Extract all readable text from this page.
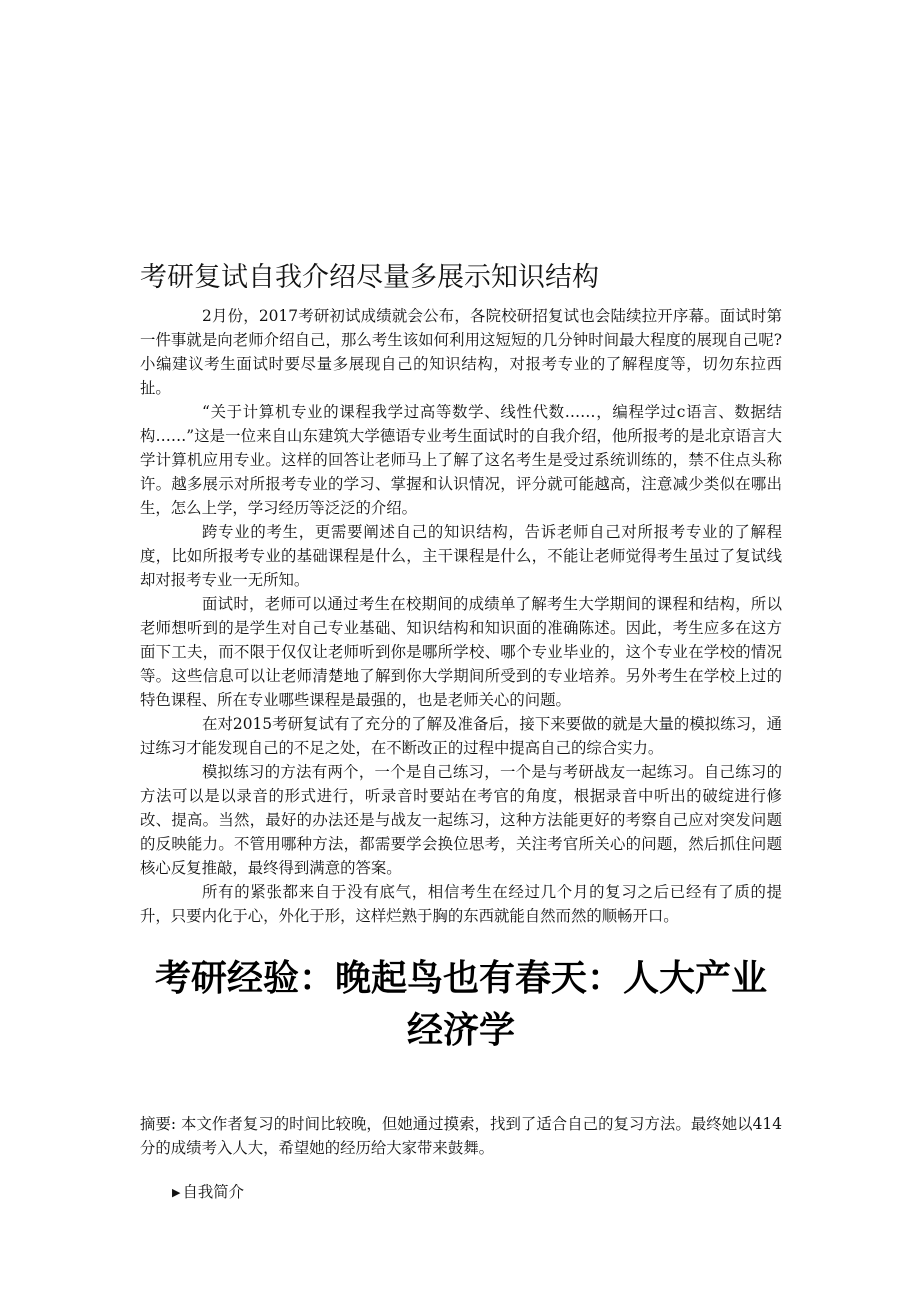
考研复试自我介绍尽量多展示知识结构

2月份，2017考研初试成绩就会公布，各院校研招复试也会陆续拉开序幕。面试时第一件事就是向老师介绍自己，那么考生该如何利用这短短的几分钟时间最大程度的展现自己呢?小编建议考生面试时要尽量多展现自己的知识结构，对报考专业的了解程度等，切勿东拉西扯。

“关于计算机专业的课程我学过高等数学、线性代数……，编程学过c语言、数据结构……”这是一位来自山东建筑大学德语专业考生面试时的自我介绍，他所报考的是北京语言大学计算机应用专业。这样的回答让老师马上了解了这名考生是受过系统训练的，禁不住点头称许。越多展示对所报考专业的学习、掌握和认识情况，评分就可能越高，注意减少类似在哪出生，怎么上学，学习经历等泛泛的介绍。

跨专业的考生，更需要阐述自己的知识结构，告诉老师自己对所报考专业的了解程度，比如所报考专业的基础课程是什么，主干课程是什么，不能让老师觉得考生虽过了复试线却对报考专业一无所知。

面试时，老师可以通过考生在校期间的成绩单了解考生大学期间的课程和结构，所以老师想听到的是学生对自己专业基础、知识结构和知识面的准确陈述。因此，考生应多在这方面下工夫，而不限于仅仅让老师听到你是哪所学校、哪个专业毕业的，这个专业在学校的情况等。这些信息可以让老师清楚地了解到你大学期间所受到的专业培养。另外考生在学校上过的特色课程、所在专业哪些课程是最强的，也是老师关心的问题。

在对2015考研复试有了充分的了解及准备后，接下来要做的就是大量的模拟练习，通过练习才能发现自己的不足之处，在不断改正的过程中提高自己的综合实力。

模拟练习的方法有两个，一个是自己练习，一个是与考研战友一起练习。自己练习的方法可以是以录音的形式进行，听录音时要站在考官的角度，根据录音中听出的破绽进行修改、提高。当然，最好的办法还是与战友一起练习，这种方法能更好的考察自己应对突发问题的反映能力。不管用哪种方法，都需要学会换位思考，关注考官所关心的问题，然后抓住问题核心反复推敲，最终得到满意的答案。

所有的紧张都来自于没有底气，相信考生在经过几个月的复习之后已经有了质的提升，只要内化于心，外化于形，这样烂熟于胸的东西就能自然而然的顺畅开口。

考研经验：晚起鸟也有春天：人大产业经济学

摘要: 本文作者复习的时间比较晚，但她通过摸索，找到了适合自己的复习方法。最终她以414分的成绩考入人大，希望她的经历给大家带来鼓舞。

▶ 自我简介
